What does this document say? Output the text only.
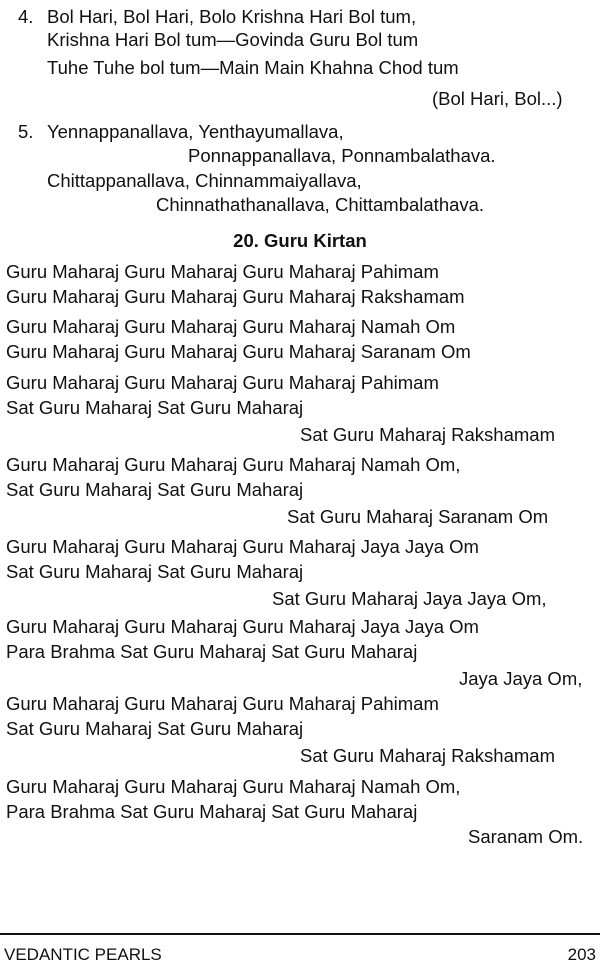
4. Bol Hari, Bol Hari, Bolo Krishna Hari Bol tum,
Krishna Hari Bol tum—Govinda Guru Bol tum
Tuhe Tuhe bol tum—Main Main Khahna Chod tum
(Bol Hari, Bol...)
5. Yennappanallava, Yenthayumallava,
Ponnappanallava, Ponnambalathava.
Chittappanallava, Chinnammaiyallava,
Chinnathathanallava, Chittambalathava.
20. Guru Kirtan
Guru Maharaj Guru Maharaj Guru Maharaj Pahimam
Guru Maharaj Guru Maharaj Guru Maharaj Rakshamam
Guru Maharaj Guru Maharaj Guru Maharaj Namah Om
Guru Maharaj Guru Maharaj Guru Maharaj Saranam Om
Guru Maharaj Guru Maharaj Guru Maharaj Pahimam
Sat Guru Maharaj Sat Guru Maharaj
Sat Guru Maharaj Rakshamam
Guru Maharaj Guru Maharaj Guru Maharaj Namah Om,
Sat Guru Maharaj Sat Guru Maharaj
Sat Guru Maharaj Saranam Om
Guru Maharaj Guru Maharaj Guru Maharaj Jaya Jaya Om
Sat Guru Maharaj Sat Guru Maharaj
Sat Guru Maharaj Jaya Jaya Om,
Guru Maharaj Guru Maharaj Guru Maharaj Jaya Jaya Om
Para Brahma Sat Guru Maharaj Sat Guru Maharaj
Jaya Jaya Om,
Guru Maharaj Guru Maharaj Guru Maharaj Pahimam
Sat Guru Maharaj Sat Guru Maharaj
Sat Guru Maharaj Rakshamam
Guru Maharaj Guru Maharaj Guru Maharaj Namah Om,
Para Brahma Sat Guru Maharaj Sat Guru Maharaj
Saranam Om.
VEDANTIC PEARLS	203
